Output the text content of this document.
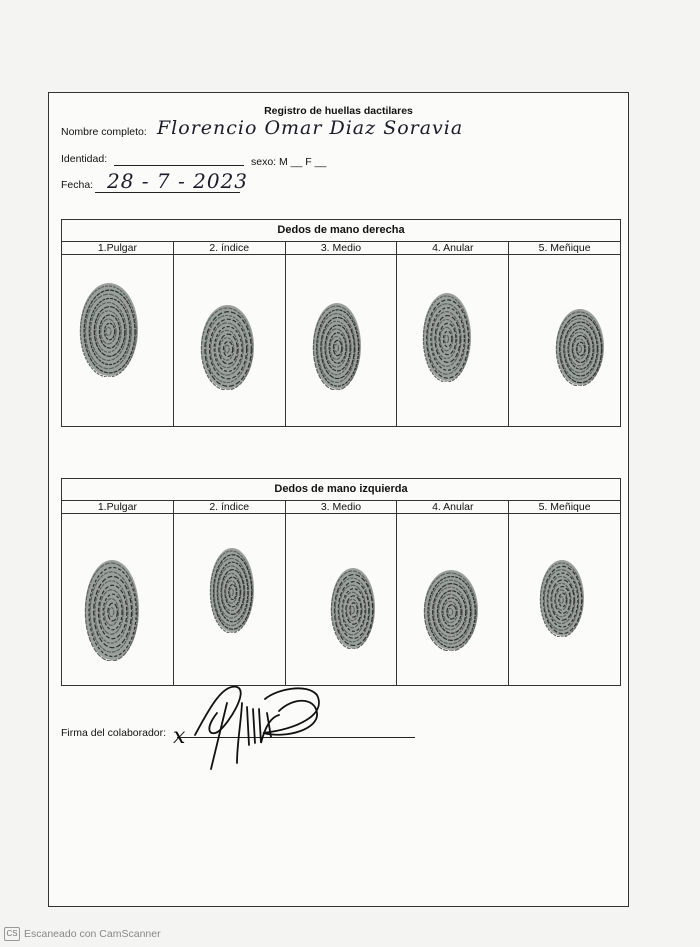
Registro de huellas dactilares
Nombre completo: Florencio Omar Diaz Soravia
Identidad:	sexo: M __ F __
Fecha: 28 - 7 - 2023
Dedos de mano derecha
1.Pulgar	2. índice	3. Medio	4. Anular	5. Meñique
Dedos de mano izquierda
1.Pulgar	2. índice	3. Medio	4. Anular	5. Meñique
Firma del colaborador: x
CS Escaneado con CamScanner
